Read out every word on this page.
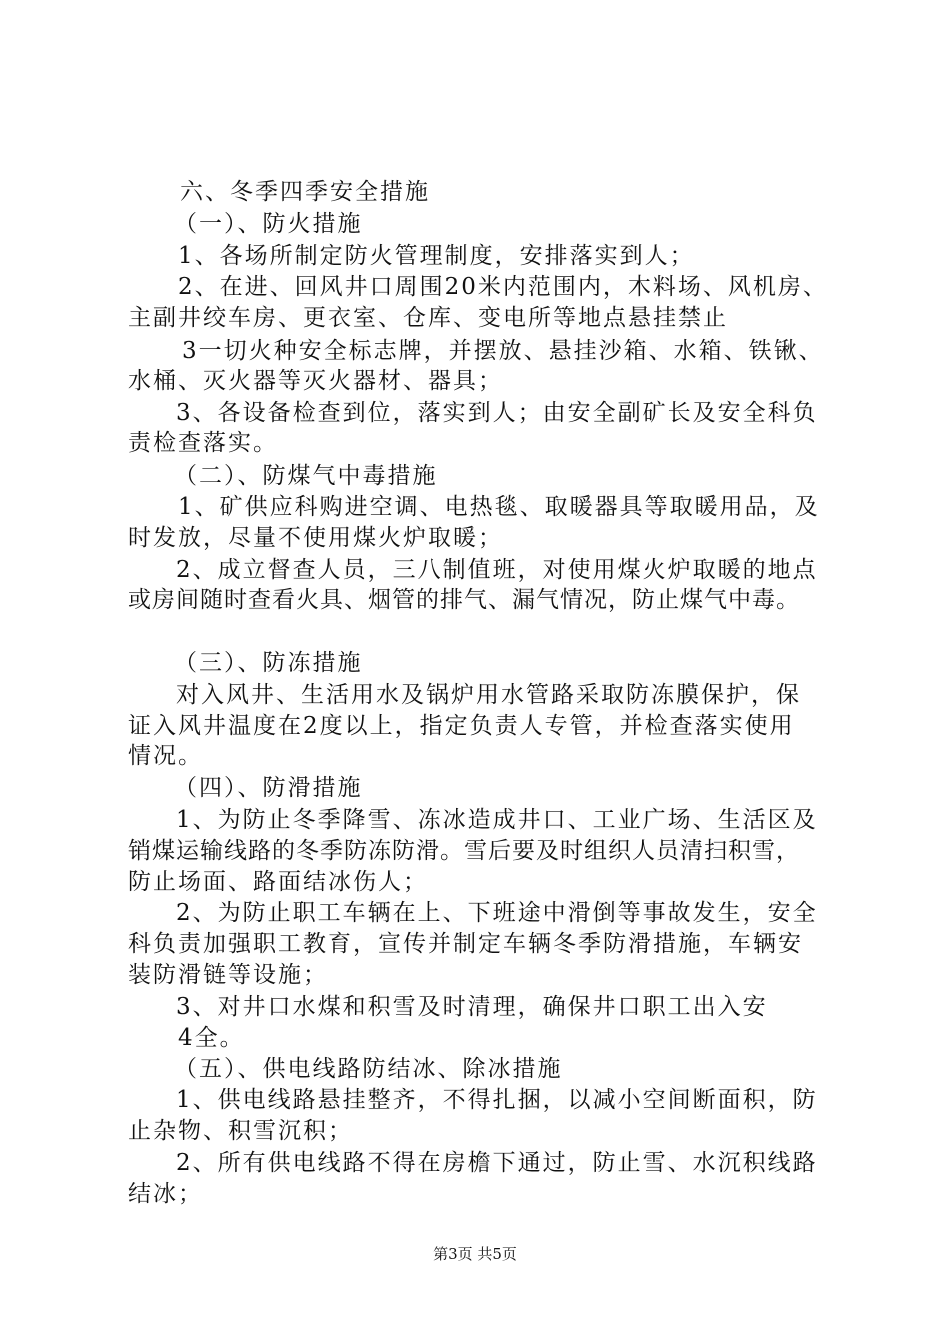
六、冬季四季安全措施
（一）、防火措施
1、各场所制定防火管理制度，安排落实到人；
2、在进、回风井口周围20米内范围内，木料场、风机房、
主副井绞车房、更衣室、仓库、变电所等地点悬挂禁止
3一切火种安全标志牌，并摆放、悬挂沙箱、水箱、铁锹、
水桶、灭火器等灭火器材、器具；
3、各设备检查到位，落实到人；由安全副矿长及安全科负
责检查落实。
（二）、防煤气中毒措施
1、矿供应科购进空调、电热毯、取暖器具等取暖用品，及
时发放，尽量不使用煤火炉取暖；
2、成立督查人员，三八制值班，对使用煤火炉取暖的地点
或房间随时查看火具、烟管的排气、漏气情况，防止煤气中毒。
（三）、防冻措施
对入风井、生活用水及锅炉用水管路采取防冻膜保护，保
证入风井温度在2度以上，指定负责人专管，并检查落实使用
情况。
（四）、防滑措施
1、为防止冬季降雪、冻冰造成井口、工业广场、生活区及
销煤运输线路的冬季防冻防滑。雪后要及时组织人员清扫积雪，
防止场面、路面结冰伤人；
2、为防止职工车辆在上、下班途中滑倒等事故发生，安全
科负责加强职工教育，宣传并制定车辆冬季防滑措施，车辆安
装防滑链等设施；
3、对井口水煤和积雪及时清理，确保井口职工出入安
4全。
（五）、供电线路防结冰、除冰措施
1、供电线路悬挂整齐，不得扎捆，以减小空间断面积，防
止杂物、积雪沉积；
2、所有供电线路不得在房檐下通过，防止雪、水沉积线路
结冰；
第3页 共5页
